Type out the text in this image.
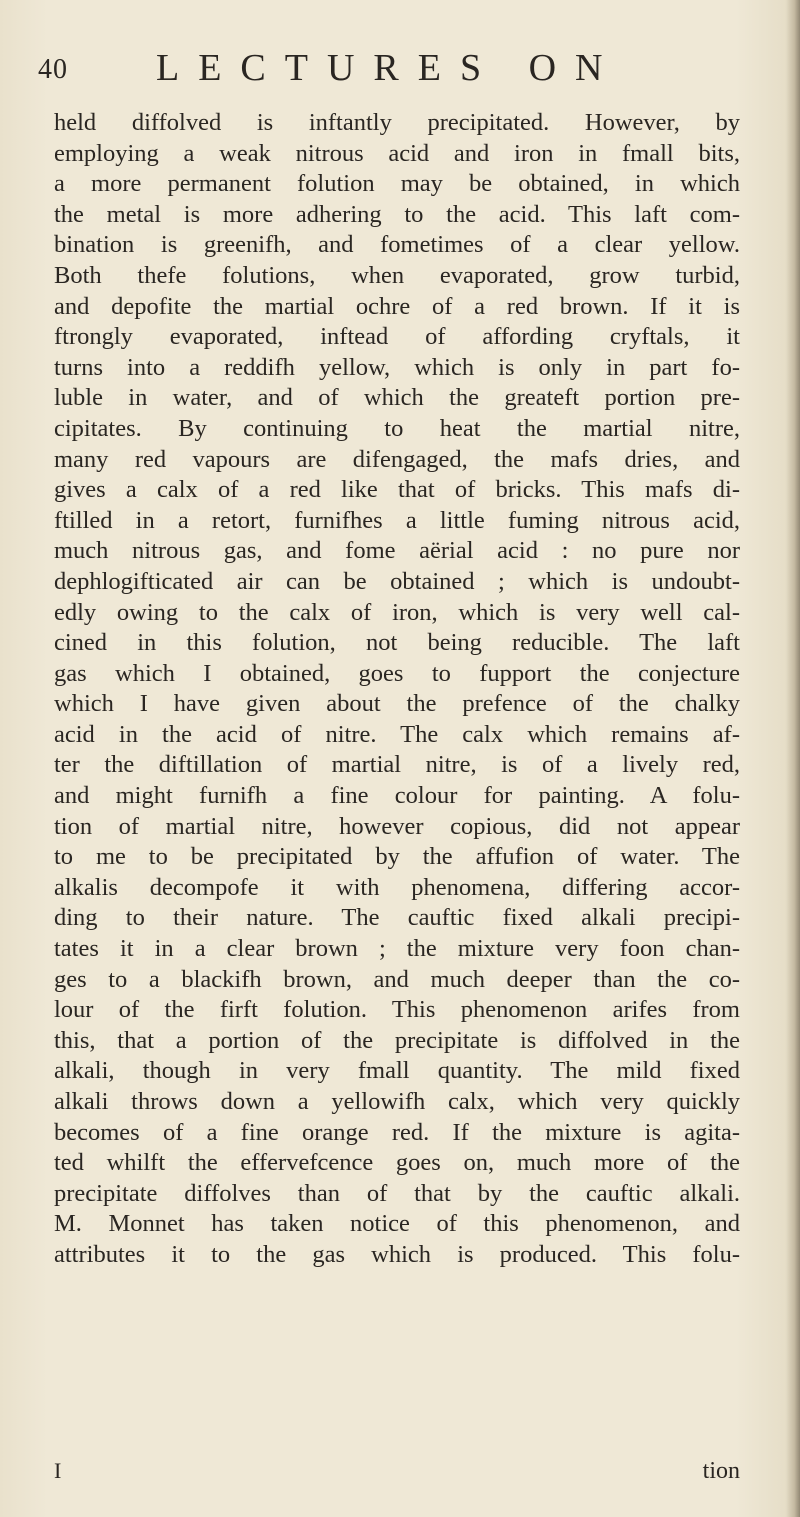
40 LECTURES ON
held diffolved is inftantly precipitated. However, by
employing a weak nitrous acid and iron in fmall bits,
a more permanent folution may be obtained, in which
the metal is more adhering to the acid. This laft com-
bination is greenifh, and fometimes of a clear yellow.
Both thefe folutions, when evaporated, grow turbid,
and depofite the martial ochre of a red brown. If it is
ftrongly evaporated, inftead of affording cryftals, it
turns into a reddifh yellow, which is only in part fo-
luble in water, and of which the greateft portion pre-
cipitates. By continuing to heat the martial nitre,
many red vapours are difengaged, the mafs dries, and
gives a calx of a red like that of bricks. This mafs di-
ftilled in a retort, furnifhes a little fuming nitrous acid,
much nitrous gas, and fome aërial acid : no pure nor
dephlogifticated air can be obtained ; which is undoubt-
edly owing to the calx of iron, which is very well cal-
cined in this folution, not being reducible. The laft
gas which I obtained, goes to fupport the conjecture
which I have given about the prefence of the chalky
acid in the acid of nitre. The calx which remains af-
ter the diftillation of martial nitre, is of a lively red,
and might furnifh a fine colour for painting. A folu-
tion of martial nitre, however copious, did not appear
to me to be precipitated by the affufion of water. The
alkalis decompofe it with phenomena, differing accor-
ding to their nature. The cauftic fixed alkali precipi-
tates it in a clear brown ; the mixture very foon chan-
ges to a blackifh brown, and much deeper than the co-
lour of the firft folution. This phenomenon arifes from
this, that a portion of the precipitate is diffolved in the
alkali, though in very fmall quantity. The mild fixed
alkali throws down a yellowifh calx, which very quickly
becomes of a fine orange red. If the mixture is agita-
ted whilft the effervefcence goes on, much more of the
precipitate diffolves than of that by the cauftic alkali.
M. Monnet has taken notice of this phenomenon, and
attributes it to the gas which is produced. This folu-
I	tion
